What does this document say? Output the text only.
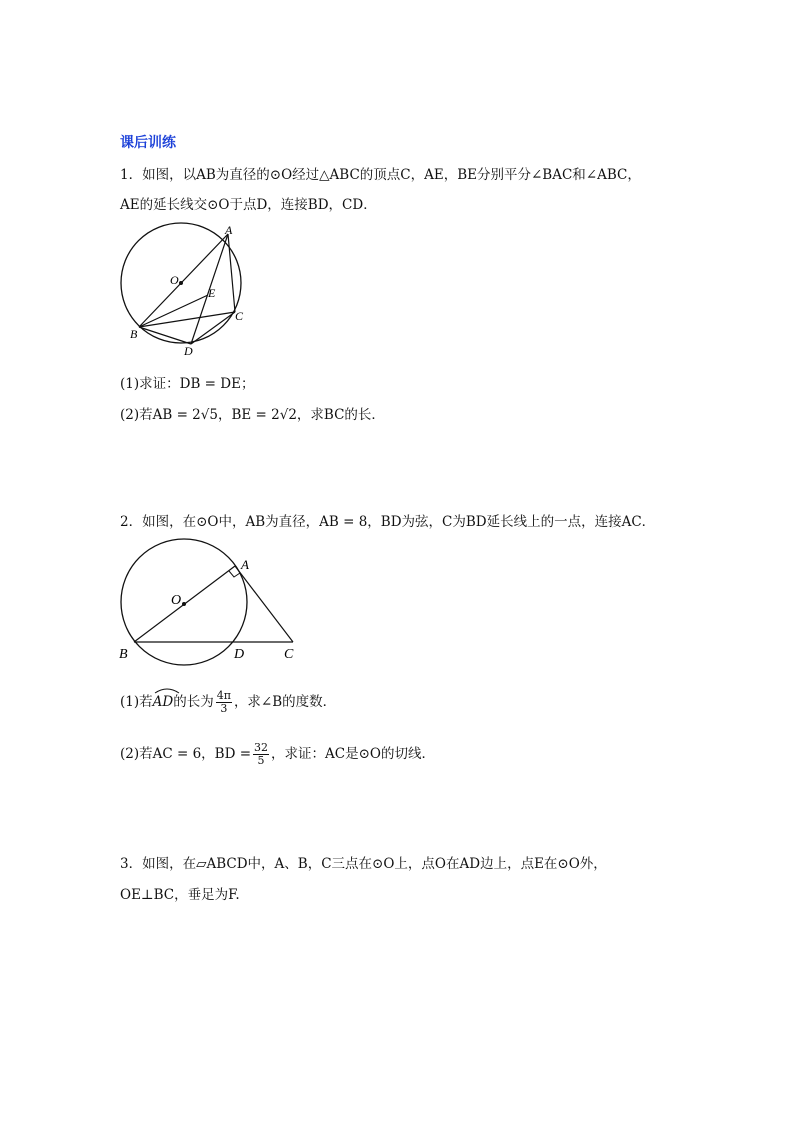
课后训练
1．如图，以AB为直径的⊙O经过△ABC的顶点C，AE，BE分别平分∠BAC和∠ABC，
AE的延长线交⊙O于点D，连接BD，CD．
A
O
E
B
C
D
(1)求证：DB = DE；
(2)若AB = 2√5，BE = 2√2，求BC的长．
2．如图，在⊙O中，AB为直径，AB = 8，BD为弦，C为BD延长线上的一点，连接AC．
A
O
B	D	C
(1)若
AD的长为 $\frac{4\pi}{3}$ ，求∠B的度数．
(2)若AC = 6，BD = $\frac{32}{5}$ ，求证：AC是⊙O的切线．
3．如图，在▱ABCD中，A、B，C三点在⊙O上，点O在AD边上，点E在⊙O外，
OE⊥BC，垂足为F.
